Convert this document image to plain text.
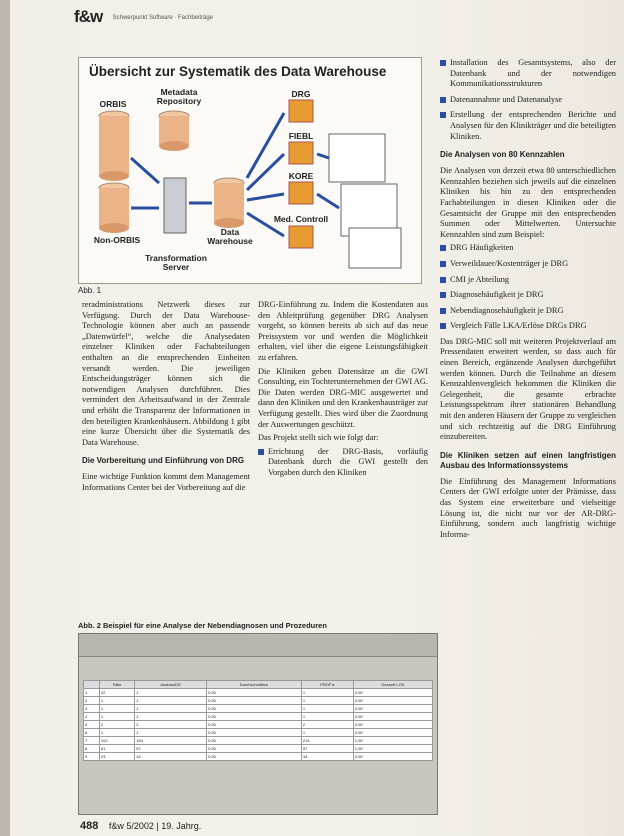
f&w Schwerpunkt Software · Fachbeiträge
Übersicht zur Systematik des Data Warehouse
ORBIS
Metadata Repository
DRG
FIEBL
KORE
Med. Controll
Non-ORBIS
Transformation Server
Data Warehouse
Abb. 1

reradministrations Netzwerk dieses zur Verfügung. Durch der Data Warehouse-Technologie können aber auch an passende „Datenwürfel“, welche die Analysedaten einzelner Kliniken oder Fachabteilungen enthalten an die entsprechenden Einheiten versandt werden. Die jeweiligen Entscheidungsträger können sich die notwendigen Analysen durchführen. Dies vermindert den Arbeitsaufwand in der Zentrale und erhöht die Transparenz der Informationen in den beteiligten Krankenhäusern. Abbildung 1 gibt eine kurze Übersicht über die Systematik des Data Warehouse.

Die Vorbereitung und Einführung von DRG

Eine wichtige Funktion kommt dem Management Informations Center bei der Vorbereitung auf die

DRG-Einführung zu. Indem die Kostendaten aus den Ableitprüfung gegenüber DRG Analysen vorgeht, so können bereits ab sich auf das neue Preissystem vor und werden die Möglichkeit erhalten, viel über die eigene Leistungsfähigkeit zu erfahren.

Die Kliniken geben Datensätze an die GWI Consulting, ein Tochterunternehmen der GWI AG. Die Daten werden DRG-MIC ausgewertet und dann den Kliniken und den Krankenhausträger zur Verfügung gestellt. Dies wird über die Zuordnung der Auswertungen geschützt.

Das Projekt stellt sich wie folgt dar:

Errichtung der DRG-Basis, vorläufig Datenbank durch die GWI gestellt den Vorgaben durch den Kliniken
Installation des Gesamtsystems, also der Datenbank und der notwendigen Kommunikationsstrukturen
Datenannahme und Datenanalyse
Erstellung der entsprechenden Berichte und Analysen für den Klinikträger und die beteiligten Kliniken.
Die Analysen von 80 Kennzahlen

Die Analysen von derzeit etwa 80 unterschiedlichen Kennzahlen beziehen sich jeweils auf die einzelnen Kliniken bis hin zu den entsprechenden Fachabteilungen in diesen Kliniken oder die Gesamtsicht der Gruppe mit den entsprechenden Summen oder Mittelwerten. Untersuchte Kennzahlen sind zum Beispiel:

DRG Häufigkeiten
Verweildauer/Kostenträger je DRG
CMI je Abteilung
Diagnosehäufigkeit je DRG
Nebendiagnosehäufigkeit je DRG
Vergleich Fälle LKA/Erlöse DRGs DRG

Das DRG-MIC soll mit weiteren Projektverlauf am Pressendaten erweitert werden, so dass auch für einen Bereich, ergänzende Analysen durchgeführt werden können. Durch die Teilnahme an diesem Kennzahlenvergleich bekommen die Kliniken die Gelegenheit, die gesamte erbrachte Leistungsspektrum ihrer stationären Behandlung mit den anderen Häusern der Gruppe zu vergleichen und sich rechtzeitig auf die DRG Einführung einzubereiten.

Die Kliniken setzen auf einen langfristigen Ausbau des Informationssystems

Die Einführung des Management Informations Centers der GWI erfolgte unter der Prämisse, dass das System eine erweiterbare und vielseitige Lösung ist, die nicht nur vor der AR-DRG-Einführung, sondern auch langfristig wichtige Informa-

Abb. 2 Beispiel für eine Analyse der Nebendiagnosen und Prozeduren
	Fälle	Ausbau/DG	Durchschnittlich	PROF'a	Gesamt LOS
1	22	1	0,00	1	0,00
2	1	1	0,00	1	0,00
3	1	1	0,00	1	0,00
4	1	1	0,00	1	0,00
5	2	2	0,00	2	0,00
6	1	1	0,00	1	0,00
7	102	163	0,00	213	1,00
8	61	57	0,00	57	1,00
9	23	34	0,00	34	0,00
488 f&w 5/2002 | 19. Jahrg.
